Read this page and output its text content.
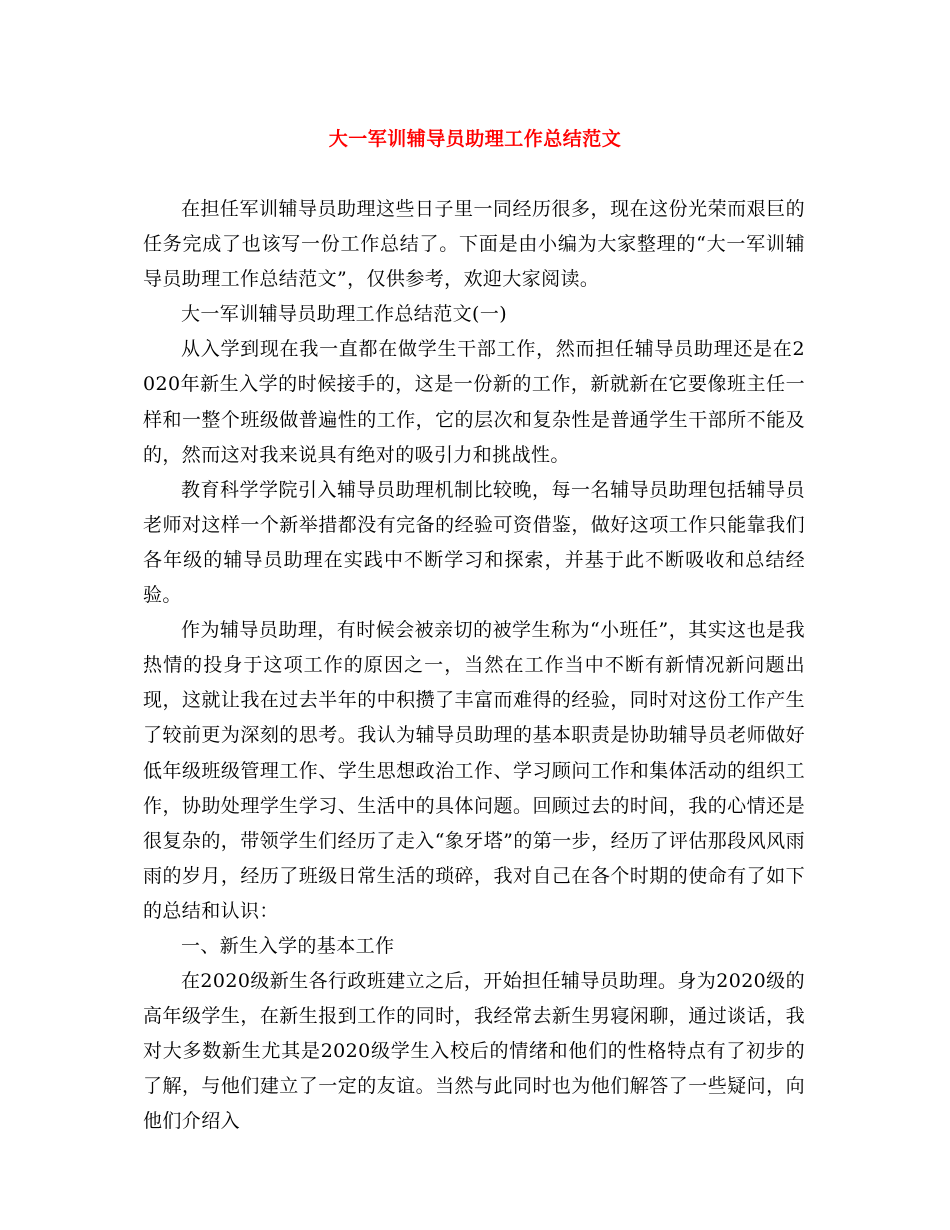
大一军训辅导员助理工作总结范文

在担任军训辅导员助理这些日子里一同经历很多，现在这份光荣而艰巨的任务完成了也该写一份工作总结了。下面是由小编为大家整理的“大一军训辅导员助理工作总结范文”，仅供参考，欢迎大家阅读。

大一军训辅导员助理工作总结范文(一)

从入学到现在我一直都在做学生干部工作，然而担任辅导员助理还是在2020年新生入学的时候接手的，这是一份新的工作，新就新在它要像班主任一样和一整个班级做普遍性的工作，它的层次和复杂性是普通学生干部所不能及的，然而这对我来说具有绝对的吸引力和挑战性。

教育科学学院引入辅导员助理机制比较晚，每一名辅导员助理包括辅导员老师对这样一个新举措都没有完备的经验可资借鉴，做好这项工作只能靠我们各年级的辅导员助理在实践中不断学习和探索，并基于此不断吸收和总结经验。

作为辅导员助理，有时候会被亲切的被学生称为“小班任”，其实这也是我热情的投身于这项工作的原因之一，当然在工作当中不断有新情况新问题出现，这就让我在过去半年的中积攒了丰富而难得的经验，同时对这份工作产生了较前更为深刻的思考。我认为辅导员助理的基本职责是协助辅导员老师做好低年级班级管理工作、学生思想政治工作、学习顾问工作和集体活动的组织工作，协助处理学生学习、生活中的具体问题。回顾过去的时间，我的心情还是很复杂的，带领学生们经历了走入“象牙塔”的第一步，经历了评估那段风风雨雨的岁月，经历了班级日常生活的琐碎，我对自己在各个时期的使命有了如下的总结和认识：

一、新生入学的基本工作

在2020级新生各行政班建立之后，开始担任辅导员助理。身为2020级的高年级学生，在新生报到工作的同时，我经常去新生男寝闲聊，通过谈话，我对大多数新生尤其是2020级学生入校后的情绪和他们的性格特点有了初步的了解，与他们建立了一定的友谊。当然与此同时也为他们解答了一些疑问，向他们介绍入
